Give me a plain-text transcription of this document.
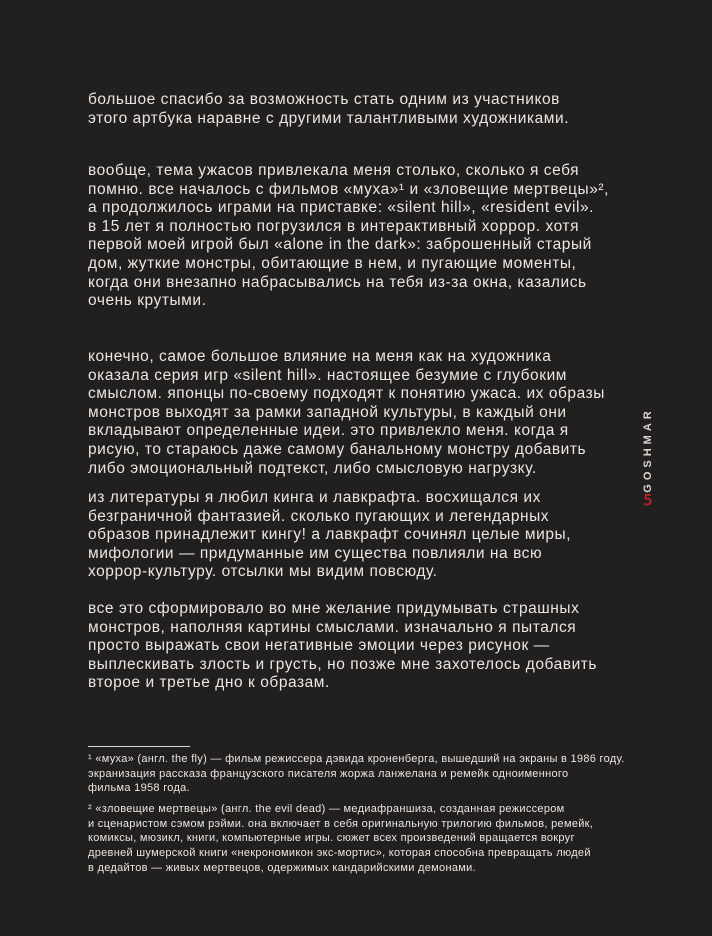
большое спасибо за возможность стать одним из участников
этого артбука наравне с другими талантливыми художниками.
вообще, тема ужасов привлекала меня столько, сколько я себя
помню. все началось с фильмов «муха»¹ и «зловещие мертвецы»²,
а продолжилось играми на приставке: «silent hill», «resident evil».
в 15 лет я полностью погрузился в интерактивный хоррор. хотя
первой моей игрой был «alone in the dark»: заброшенный старый
дом, жуткие монстры, обитающие в нем, и пугающие моменты,
когда они внезапно набрасывались на тебя из-за окна, казались
очень крутыми.
конечно, самое большое влияние на меня как на художника
оказала серия игр «silent hill». настоящее безумие с глубоким
смыслом. японцы по-своему подходят к понятию ужаса. их образы
монстров выходят за рамки западной культуры, в каждый они
вкладывают определенные идеи. это привлекло меня. когда я
рисую, то стараюсь даже самому банальному монстру добавить
либо эмоциональный подтекст, либо смысловую нагрузку.
из литературы я любил кинга и лавкрафта. восхищался их
безграничной фантазией. сколько пугающих и легендарных
образов принадлежит кингу! а лавкрафт сочинял целые миры,
мифологии — придуманные им существа повлияли на всю
хоррор-культуру. отсылки мы видим повсюду.
все это сформировало во мне желание придумывать страшных
монстров, наполняя картины смыслами. изначально я пытался
просто выражать свои негативные эмоции через рисунок —
выплескивать злость и грусть, но позже мне захотелось добавить
второе и третье дно к образам.
¹ «муха» (англ. the fly) — фильм режиссера дэвида кроненберга, вышедший на экраны в 1986 году.
экранизация рассказа французского писателя жоржа ланжелана и ремейк одноименного
фильма 1958 года.
² «зловещие мертвецы» (англ. the evil dead) — медиафраншиза, созданная режиссером
и сценаристом сэмом рэйми. она включает в себя оригинальную трилогию фильмов, ремейк,
комиксы, мюзикл, книги, компьютерные игры. сюжет всех произведений вращается вокруг
древней шумерской книги «некрономикон экс-мортис», которая способна превращать людей
в дедайтов — живых мертвецов, одержимых кандарийскими демонами.
GOSHMAR
5
